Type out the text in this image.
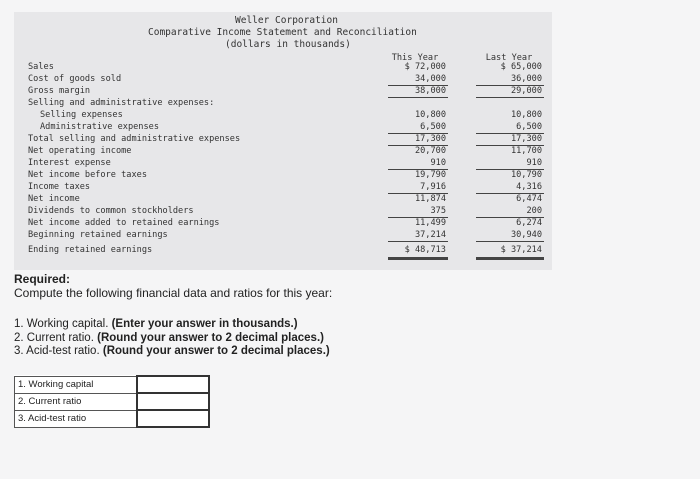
Weller Corporation
Comparative Income Statement and Reconciliation
(dollars in thousands)
This Year	Last Year
Sales	$ 72,000	$ 65,000
Cost of goods sold	34,000	36,000
Gross margin	38,000	29,000
Selling and administrative expenses:
Selling expenses	10,800	10,800
Administrative expenses	6,500	6,500
Total selling and administrative expenses	17,300	17,300
Net operating income	20,700	11,700
Interest expense	910	910
Net income before taxes	19,790	10,790
Income taxes	7,916	4,316
Net income	11,874	6,474
Dividends to common stockholders	375	200
Net income added to retained earnings	11,499	6,274
Beginning retained earnings	37,214	30,940
Ending retained earnings	$ 48,713	$ 37,214
Required:
Compute the following financial data and ratios for this year:
1. Working capital. (Enter your answer in thousands.)
2. Current ratio. (Round your answer to 2 decimal places.)
3. Acid-test ratio. (Round your answer to 2 decimal places.)
1. Working capital	
2. Current ratio	
3. Acid-test ratio	
